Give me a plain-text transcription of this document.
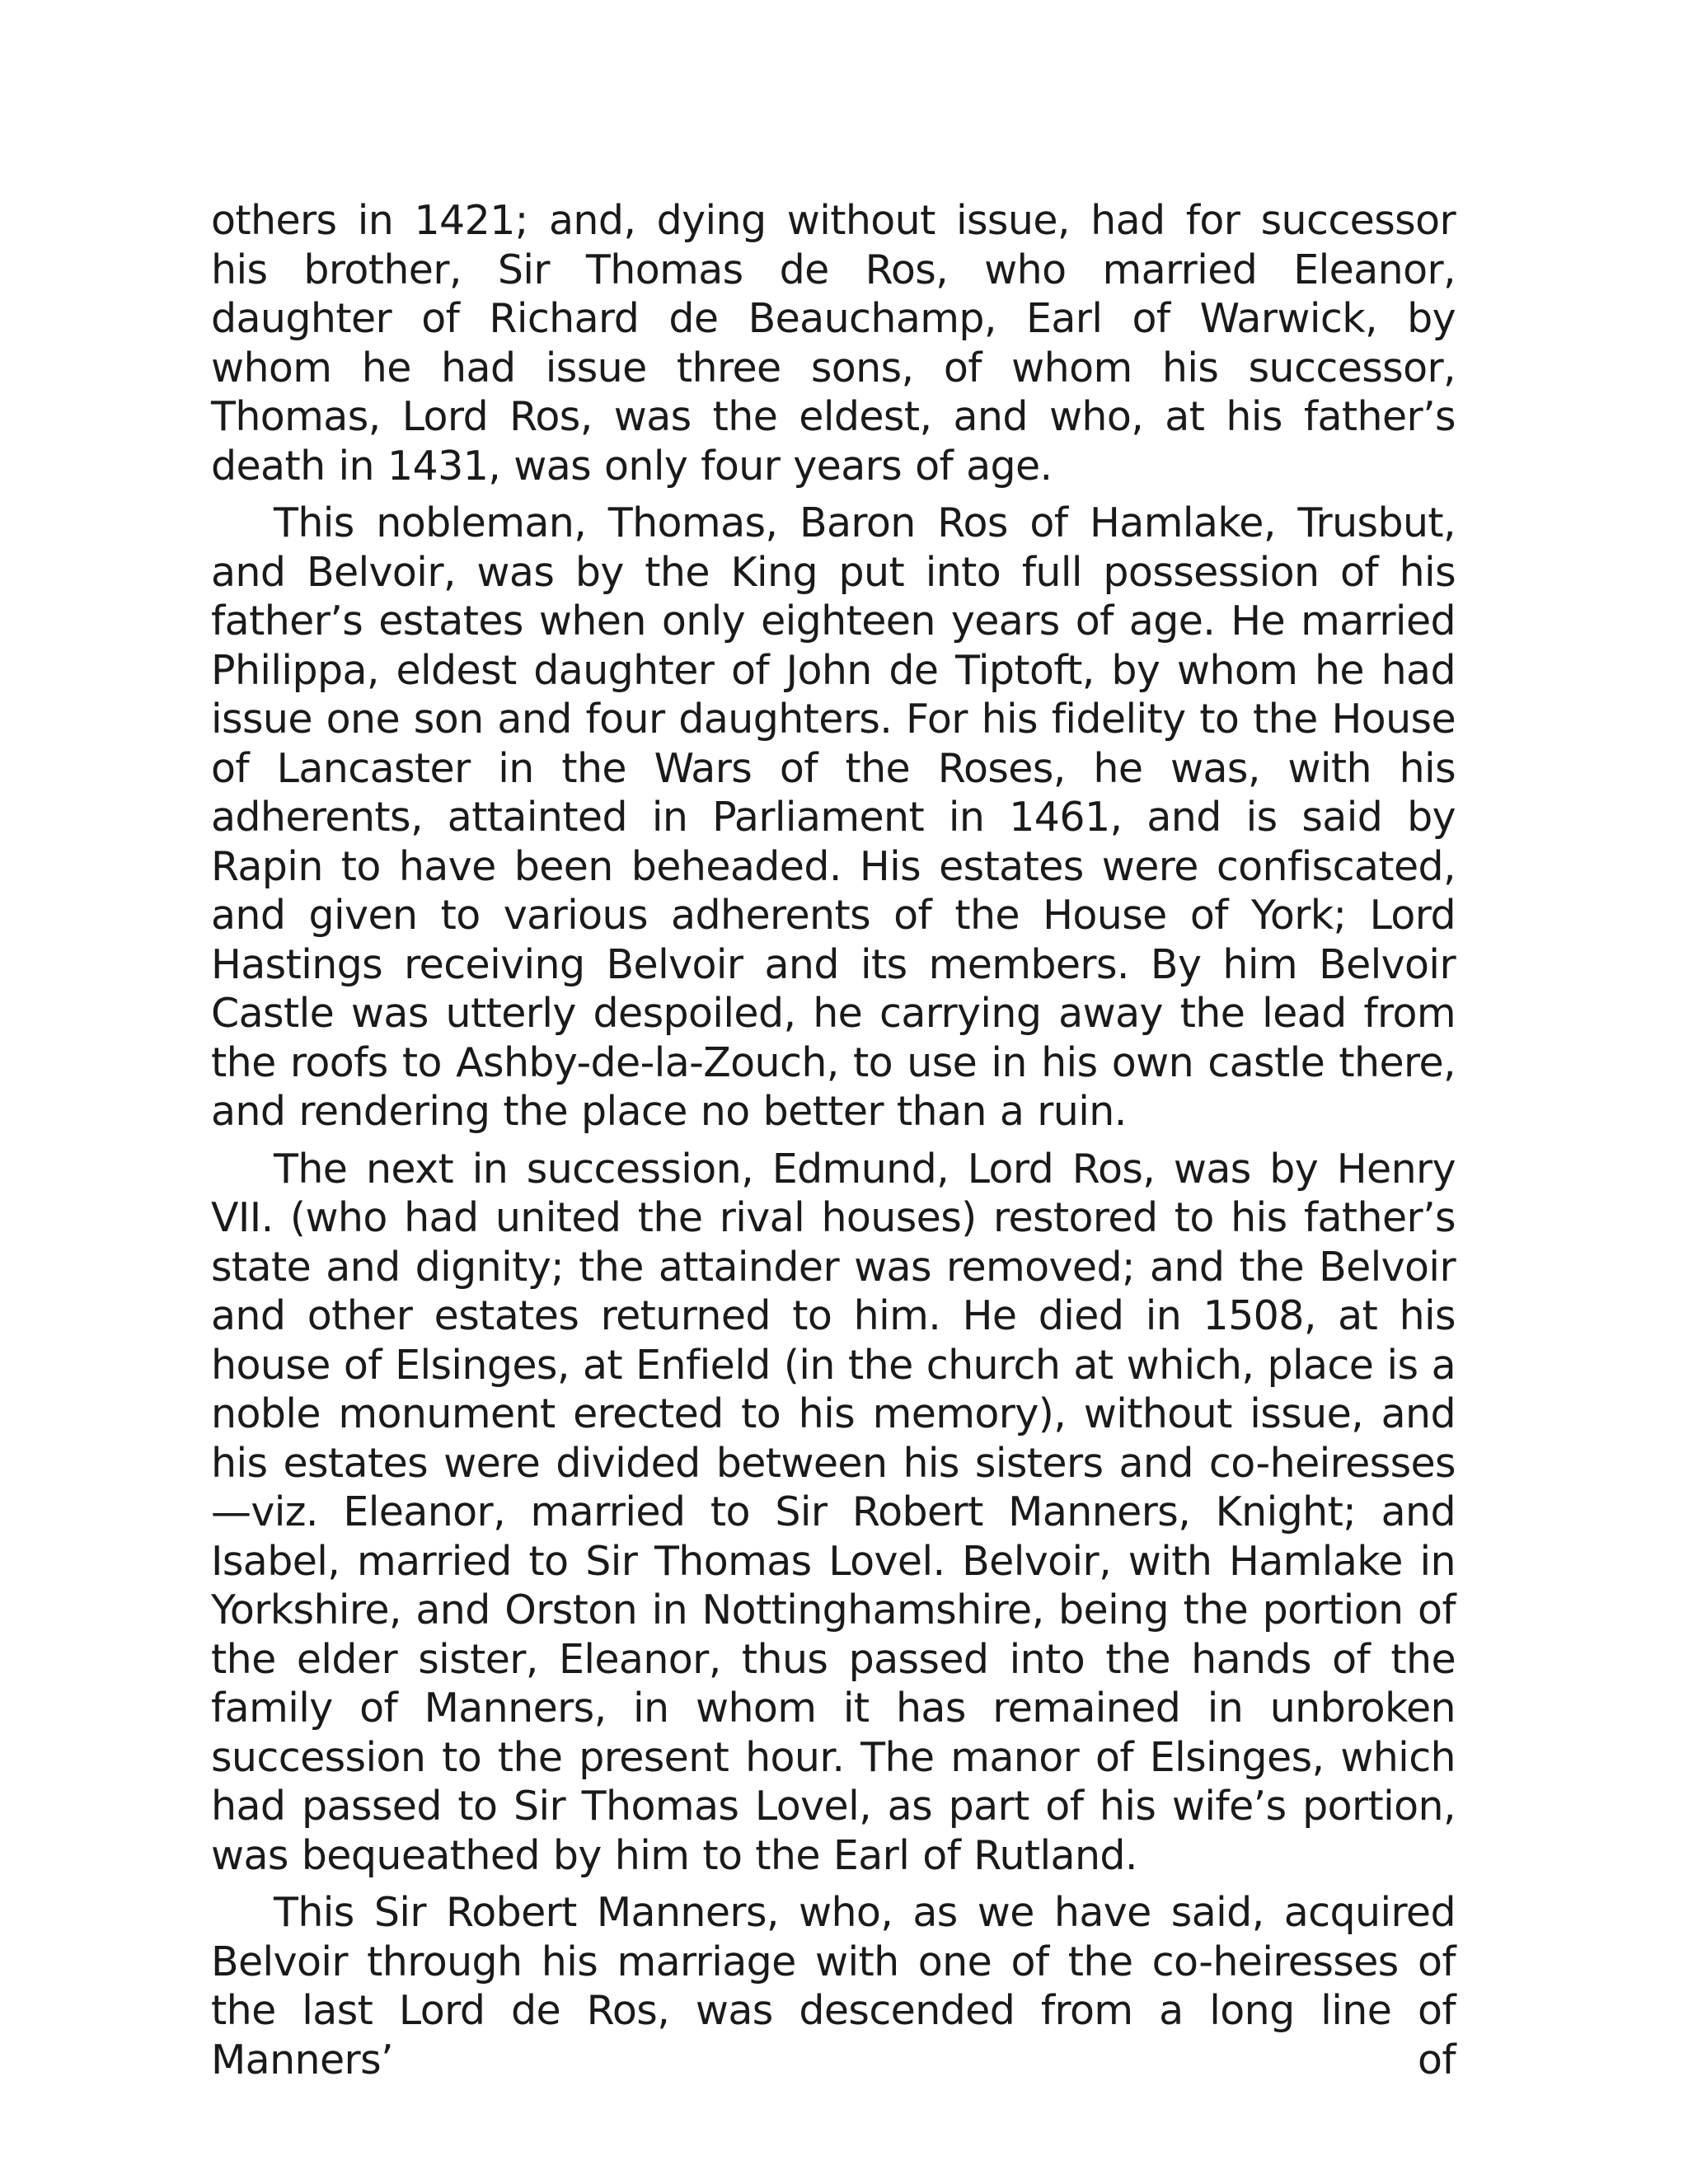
others in 1421; and, dying without issue, had for successor his brother, Sir Thomas de Ros, who married Eleanor, daughter of Richard de Beauchamp, Earl of Warwick, by whom he had issue three sons, of whom his successor, Thomas, Lord Ros, was the eldest, and who, at his father’s death in 1431, was only four years of age.

This nobleman, Thomas, Baron Ros of Hamlake, Trusbut, and Belvoir, was by the King put into full possession of his father’s estates when only eighteen years of age. He married Philippa, eldest daughter of John de Tiptoft, by whom he had issue one son and four daughters. For his fidelity to the House of Lancaster in the Wars of the Roses, he was, with his adherents, attainted in Parliament in 1461, and is said by Rapin to have been beheaded. His estates were confiscated, and given to various adherents of the House of York; Lord Hastings receiving Belvoir and its members. By him Belvoir Castle was utterly despoiled, he carrying away the lead from the roofs to Ashby-de-la-Zouch, to use in his own castle there, and rendering the place no better than a ruin.

The next in succession, Edmund, Lord Ros, was by Henry VII. (who had united the rival houses) restored to his father’s state and dignity; the attainder was removed; and the Belvoir and other estates returned to him. He died in 1508, at his house of Elsinges, at Enfield (in the church at which, place is a noble monument erected to his memory), without issue, and his estates were divided between his sisters and co-heiresses—viz. Eleanor, married to Sir Robert Manners, Knight; and Isabel, married to Sir Thomas Lovel. Belvoir, with Hamlake in Yorkshire, and Orston in Nottinghamshire, being the portion of the elder sister, Eleanor, thus passed into the hands of the family of Manners, in whom it has remained in unbroken succession to the present hour. The manor of Elsinges, which had passed to Sir Thomas Lovel, as part of his wife’s portion, was bequeathed by him to the Earl of Rutland.

This Sir Robert Manners, who, as we have said, acquired Belvoir through his marriage with one of the co-heiresses of the last Lord de Ros, was descended from a long line of Manners’ of
